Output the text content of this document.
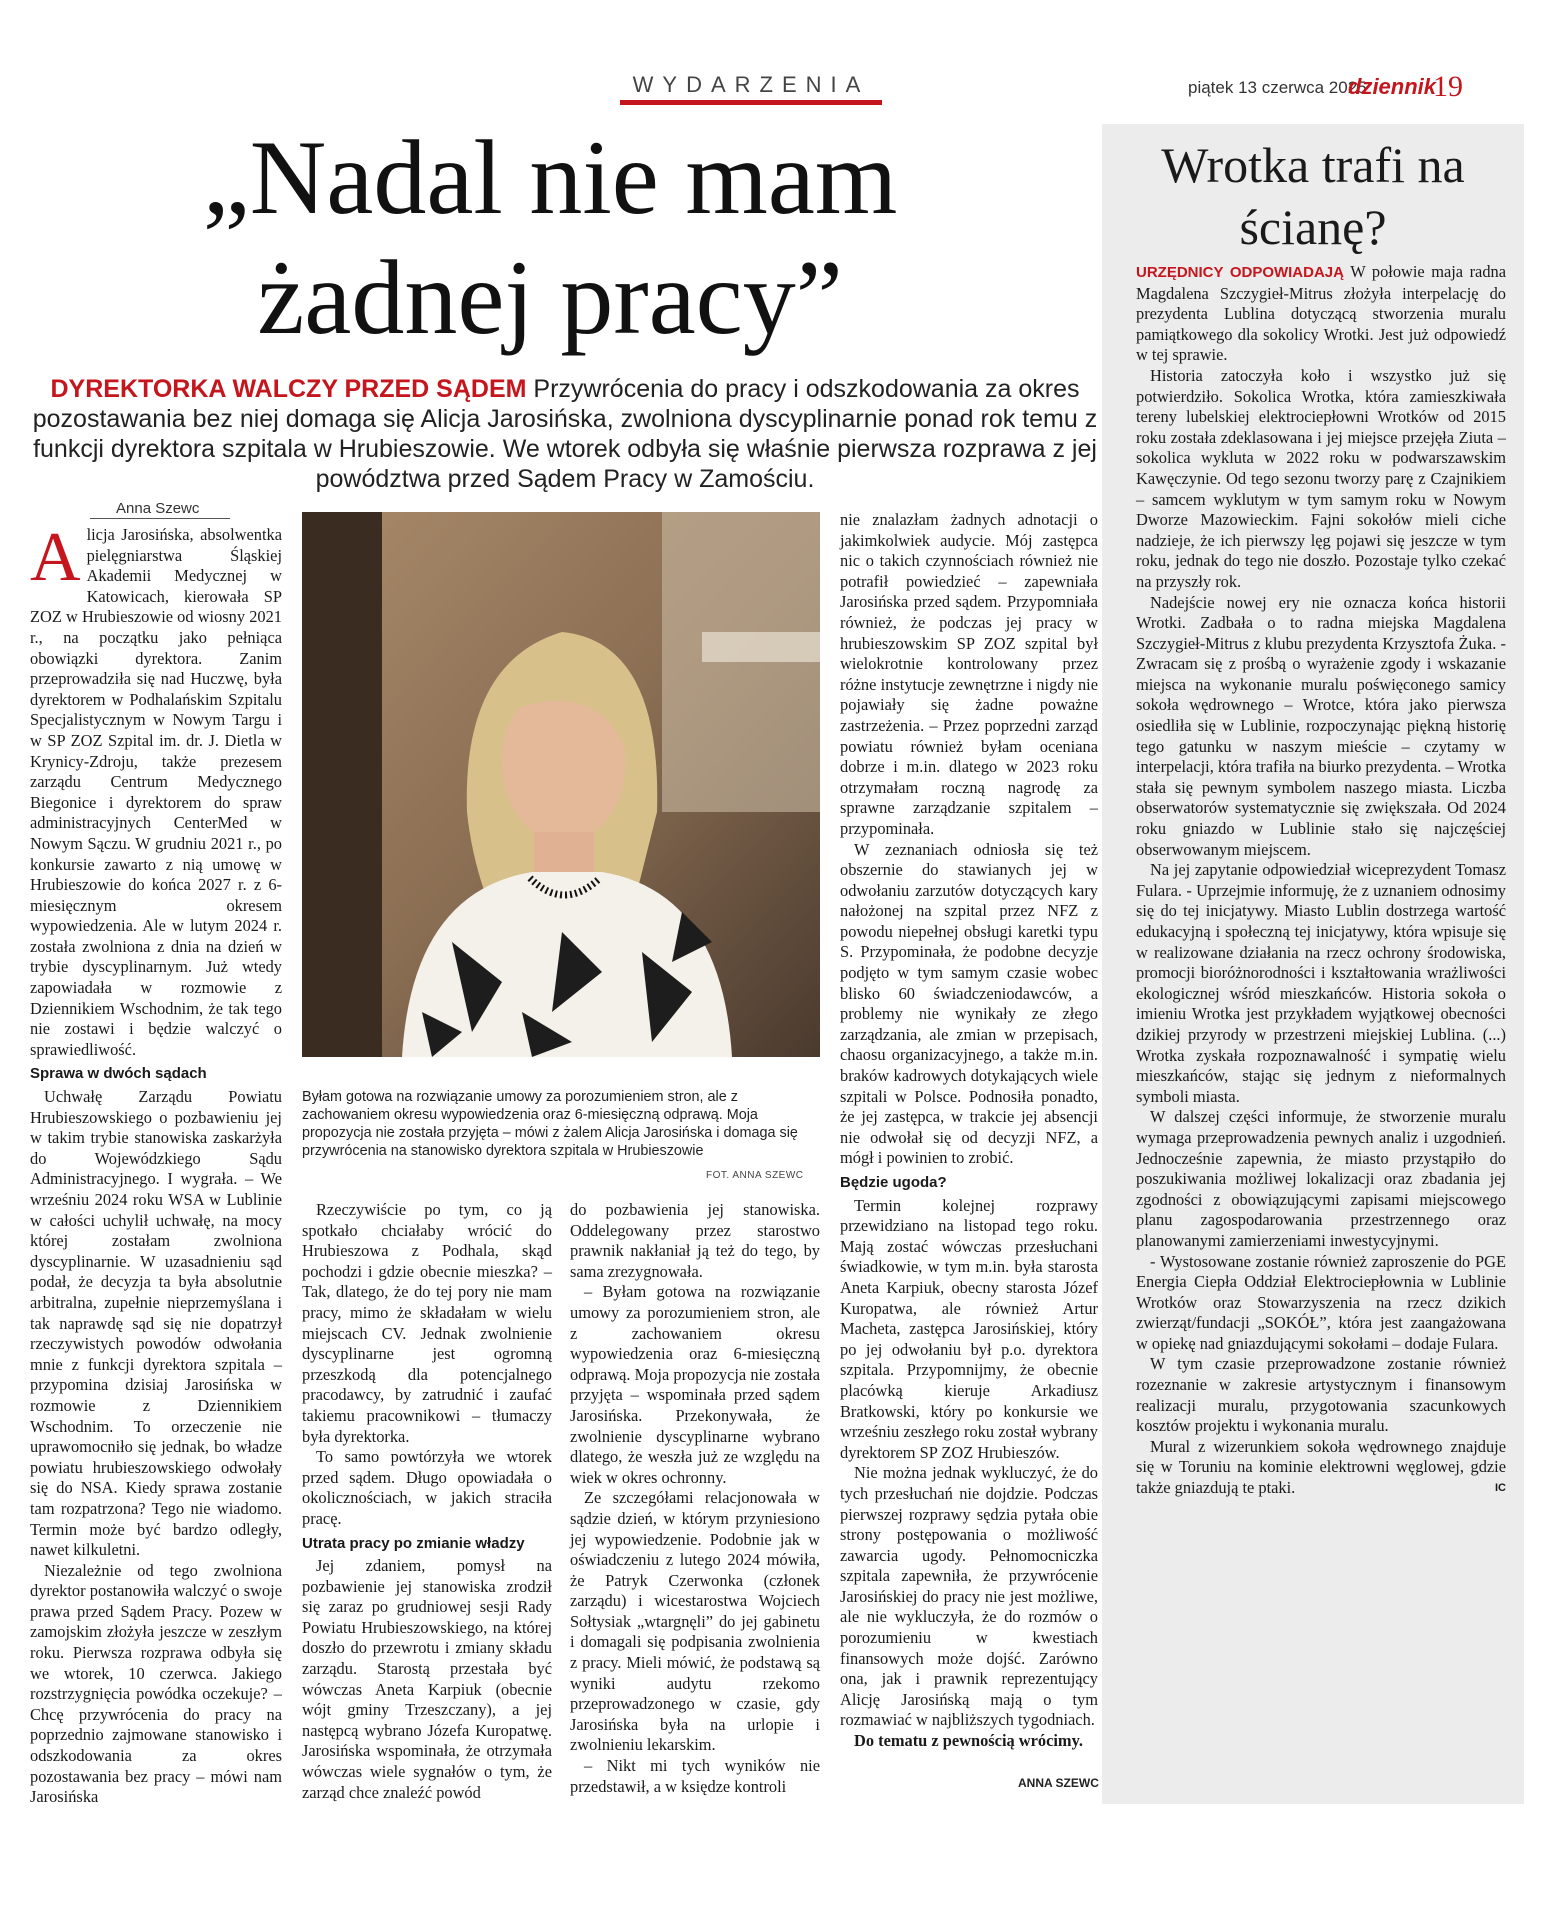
WYDARZENIA	piątek 13 czerwca 2025
dziennik
19
„Nadal nie mam żadnej pracy”

DYREKTORKA WALCZY PRZED SĄDEM Przywrócenia do pracy i odszkodowania za okres pozostawania bez niej domaga się Alicja Jarosińska, zwolniona dyscyplinarnie ponad rok temu z funkcji dyrektora szpitala w Hrubieszowie. We wtorek odbyła się właśnie pierwsza rozprawa z jej powództwa przed Sądem Pracy w Zamościu.

Anna Szewc

Alicja Jarosińska, absolwentka pielęgniarstwa Śląskiej Akademii Medycznej w Katowicach, kierowała SP ZOZ w Hrubieszowie od wiosny 2021 r., na początku jako pełniąca obowiązki dyrektora. Zanim przeprowadziła się nad Huczwę, była dyrektorem w Podhalańskim Szpitalu Specjalistycznym w Nowym Targu i w SP ZOZ Szpital im. dr. J. Dietla w Krynicy-Zdroju, także prezesem zarządu Centrum Medycznego Biegonice i dyrektorem do spraw administracyjnych CenterMed w Nowym Sączu. W grudniu 2021 r., po konkursie zawarto z nią umowę w Hrubieszowie do końca 2027 r. z 6-miesięcznym okresem wypowiedzenia. Ale w lutym 2024 r. została zwolniona z dnia na dzień w trybie dyscyplinarnym. Już wtedy zapowiadała w rozmowie z Dziennikiem Wschodnim, że tak tego nie zostawi i będzie walczyć o sprawiedliwość.

Sprawa w dwóch sądach

Uchwałę Zarządu Powiatu Hrubieszowskiego o pozbawieniu jej w takim trybie stanowiska zaskarżyła do Wojewódzkiego Sądu Administracyjnego. I wygrała. – We wrześniu 2024 roku WSA w Lublinie w całości uchylił uchwałę, na mocy której zostałam zwolniona dyscyplinarnie. W uzasadnieniu sąd podał, że decyzja ta była absolutnie arbitralna, zupełnie nieprzemyślana i tak naprawdę sąd się nie dopatrzył rzeczywistych powodów odwołania mnie z funkcji dyrektora szpitala – przypomina dzisiaj Jarosińska w rozmowie z Dziennikiem Wschodnim. To orzeczenie nie uprawomocniło się jednak, bo władze powiatu hrubieszowskiego odwołały się do NSA. Kiedy sprawa zostanie tam rozpatrzona? Tego nie wiadomo. Termin może być bardzo odległy, nawet kilkuletni.

Niezależnie od tego zwolniona dyrektor postanowiła walczyć o swoje prawa przed Sądem Pracy. Pozew w zamojskim złożyła jeszcze w zeszłym roku. Pierwsza rozprawa odbyła się we wtorek, 10 czerwca. Jakiego rozstrzygnięcia powódka oczekuje? – Chcę przywrócenia do pracy na poprzednio zajmowane stanowisko i odszkodowania za okres pozostawania bez pracy – mówi nam Jarosińska

Byłam gotowa na rozwiązanie umowy za porozumieniem stron, ale z zachowaniem okresu wypowiedzenia oraz 6-miesięczną odprawą. Moja propozycja nie została przyjęta – mówi z żalem Alicja Jarosińska i domaga się przywrócenia na stanowisko dyrektora szpitala w Hrubieszowie

FOT. ANNA SZEWC

Rzeczywiście po tym, co ją spotkało chciałaby wrócić do Hrubieszowa z Podhala, skąd pochodzi i gdzie obecnie mieszka? – Tak, dlatego, że do tej pory nie mam pracy, mimo że składałam w wielu miejscach CV. Jednak zwolnienie dyscyplinarne jest ogromną przeszkodą dla potencjalnego pracodawcy, by zatrudnić i zaufać takiemu pracownikowi – tłumaczy była dyrektorka.

To samo powtórzyła we wtorek przed sądem. Długo opowiadała o okolicznościach, w jakich straciła pracę.

Utrata pracy po zmianie władzy

Jej zdaniem, pomysł na pozbawienie jej stanowiska zrodził się zaraz po grudniowej sesji Rady Powiatu Hrubieszowskiego, na której doszło do przewrotu i zmiany składu zarządu. Starostą przestała być wówczas Aneta Karpiuk (obecnie wójt gminy Trzeszczany), a jej następcą wybrano Józefa Kuropatwę. Jarosińska wspominała, że otrzymała wówczas wiele sygnałów o tym, że zarząd chce znaleźć powód

do pozbawienia jej stanowiska. Oddelegowany przez starostwo prawnik nakłaniał ją też do tego, by sama zrezygnowała.

– Byłam gotowa na rozwiązanie umowy za porozumieniem stron, ale z zachowaniem okresu wypowiedzenia oraz 6-miesięczną odprawą. Moja propozycja nie została przyjęta – wspominała przed sądem Jarosińska. Przekonywała, że zwolnienie dyscyplinarne wybrano dlatego, że weszła już ze względu na wiek w okres ochronny.

Ze szczegółami relacjonowała w sądzie dzień, w którym przyniesiono jej wypowiedzenie. Podobnie jak w oświadczeniu z lutego 2024 mówiła, że Patryk Czerwonka (członek zarządu) i wicestarostwa Wojciech Sołtysiak „wtargnęli” do jej gabinetu i domagali się podpisania zwolnienia z pracy. Mieli mówić, że podstawą są wyniki audytu rzekomo przeprowadzonego w czasie, gdy Jarosińska była na urlopie i zwolnieniu lekarskim.

– Nikt mi tych wyników nie przedstawił, a w księdze kontroli

nie znalazłam żadnych adnotacji o jakimkolwiek audycie. Mój zastępca nic o takich czynnościach również nie potrafił powiedzieć – zapewniała Jarosińska przed sądem. Przypomniała również, że podczas jej pracy w hrubieszowskim SP ZOZ szpital był wielokrotnie kontrolowany przez różne instytucje zewnętrzne i nigdy nie pojawiały się żadne poważne zastrzeżenia. – Przez poprzedni zarząd powiatu również byłam oceniana dobrze i m.in. dlatego w 2023 roku otrzymałam roczną nagrodę za sprawne zarządzanie szpitalem – przypominała.

W zeznaniach odniosła się też obszernie do stawianych jej w odwołaniu zarzutów dotyczących kary nałożonej na szpital przez NFZ z powodu niepełnej obsługi karetki typu S. Przypominała, że podobne decyzje podjęto w tym samym czasie wobec blisko 60 świadczeniodawców, a problemy nie wynikały ze złego zarządzania, ale zmian w przepisach, chaosu organizacyjnego, a także m.in. braków kadrowych dotykających wiele szpitali w Polsce. Podnosiła ponadto, że jej zastępca, w trakcie jej absencji nie odwołał się od decyzji NFZ, a mógł i powinien to zrobić.

Będzie ugoda?

Termin kolejnej rozprawy przewidziano na listopad tego roku. Mają zostać wówczas przesłuchani świadkowie, w tym m.in. była starosta Aneta Karpiuk, obecny starosta Józef Kuropatwa, ale również Artur Macheta, zastępca Jarosińskiej, który po jej odwołaniu był p.o. dyrektora szpitala. Przypomnijmy, że obecnie placówką kieruje Arkadiusz Bratkowski, który po konkursie we wrześniu zeszłego roku został wybrany dyrektorem SP ZOZ Hrubieszów.

Nie można jednak wykluczyć, że do tych przesłuchań nie dojdzie. Podczas pierwszej rozprawy sędzia pytała obie strony postępowania o możliwość zawarcia ugody. Pełnomocniczka szpitala zapewniła, że przywrócenie Jarosińskiej do pracy nie jest możliwe, ale nie wykluczyła, że do rozmów o porozumieniu w kwestiach finansowych może dojść. Zarówno ona, jak i prawnik reprezentujący Alicję Jarosińską mają o tym rozmawiać w najbliższych tygodniach.

Do tematu z pewnością wrócimy.

ANNA SZEWC
Wrotka trafi na ścianę?

URZĘDNICY ODPOWIADAJĄ W połowie maja radna Magdalena Szczygieł-Mitrus złożyła interpelację do prezydenta Lublina dotyczącą stworzenia muralu pamiątkowego dla sokolicy Wrotki. Jest już odpowiedź w tej sprawie.

Historia zatoczyła koło i wszystko już się potwierdziło. Sokolica Wrotka, która zamieszkiwała tereny lubelskiej elektrociepłowni Wrotków od 2015 roku została zdeklasowana i jej miejsce przejęła Ziuta – sokolica wykluta w 2022 roku w podwarszawskim Kawęczynie. Od tego sezonu tworzy parę z Czajnikiem – samcem wyklutym w tym samym roku w Nowym Dworze Mazowieckim. Fajni sokołów mieli ciche nadzieje, że ich pierwszy lęg pojawi się jeszcze w tym roku, jednak do tego nie doszło. Pozostaje tylko czekać na przyszły rok.

Nadejście nowej ery nie oznacza końca historii Wrotki. Zadbała o to radna miejska Magdalena Szczygieł-Mitrus z klubu prezydenta Krzysztofa Żuka. - Zwracam się z prośbą o wyrażenie zgody i wskazanie miejsca na wykonanie muralu poświęconego samicy sokoła wędrownego – Wrotce, która jako pierwsza osiedliła się w Lublinie, rozpoczynając piękną historię tego gatunku w naszym mieście – czytamy w interpelacji, która trafiła na biurko prezydenta. – Wrotka stała się pewnym symbolem naszego miasta. Liczba obserwatorów systematycznie się zwiększała. Od 2024 roku gniazdo w Lublinie stało się najczęściej obserwowanym miejscem.

Na jej zapytanie odpowiedział wiceprezydent Tomasz Fulara. - Uprzejmie informuję, że z uznaniem odnosimy się do tej inicjatywy. Miasto Lublin dostrzega wartość edukacyjną i społeczną tej inicjatywy, która wpisuje się w realizowane działania na rzecz ochrony środowiska, promocji bioróżnorodności i kształtowania wrażliwości ekologicznej wśród mieszkańców. Historia sokoła o imieniu Wrotka jest przykładem wyjątkowej obecności dzikiej przyrody w przestrzeni miejskiej Lublina. (...) Wrotka zyskała rozpoznawalność i sympatię wielu mieszkańców, stając się jednym z nieformalnych symboli miasta.

W dalszej części informuje, że stworzenie muralu wymaga przeprowadzenia pewnych analiz i uzgodnień. Jednocześnie zapewnia, że miasto przystąpiło do poszukiwania możliwej lokalizacji oraz zbadania jej zgodności z obowiązującymi zapisami miejscowego planu zagospodarowania przestrzennego oraz planowanymi zamierzeniami inwestycyjnymi.

- Wystosowane zostanie również zaproszenie do PGE Energia Ciepła Oddział Elektrociepłownia w Lublinie Wrotków oraz Stowarzyszenia na rzecz dzikich zwierząt/fundacji „SOKÓŁ”, która jest zaangażowana w opiekę nad gniazdującymi sokołami – dodaje Fulara.

W tym czasie przeprowadzone zostanie również rozeznanie w zakresie artystycznym i finansowym realizacji muralu, przygotowania szacunkowych kosztów projektu i wykonania muralu.

Mural z wizerunkiem sokoła wędrownego znajduje się w Toruniu na kominie elektrowni węglowej, gdzie także gniazdują te ptaki.	IC
